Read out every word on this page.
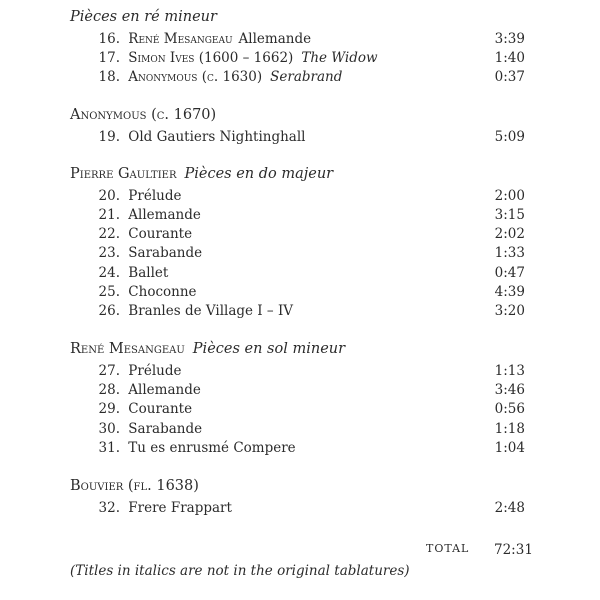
Pièces en ré mineur
16. René Mesangeau Allemande	3:39
17. Simon Ives (1600 – 1662) The Widow	1:40
18. Anonymous (c. 1630) Serabrand	0:37
Anonymous (c. 1670)
19. Old Gautiers Nightinghall	5:09
Pierre Gaultier Pièces en do majeur
20. Prélude	2:00
21. Allemande	3:15
22. Courante	2:02
23. Sarabande	1:33
24. Ballet	0:47
25. Choconne	4:39
26. Branles de Village I – IV	3:20
René Mesangeau Pièces en sol mineur
27. Prélude	1:13
28. Allemande	3:46
29. Courante	0:56
30. Sarabande	1:18
31. Tu es enrusmé Compere	1:04
Bouvier (fl. 1638)
32. Frere Frappart	2:48
TOTAL 72:31
(Titles in italics are not in the original tablatures)
